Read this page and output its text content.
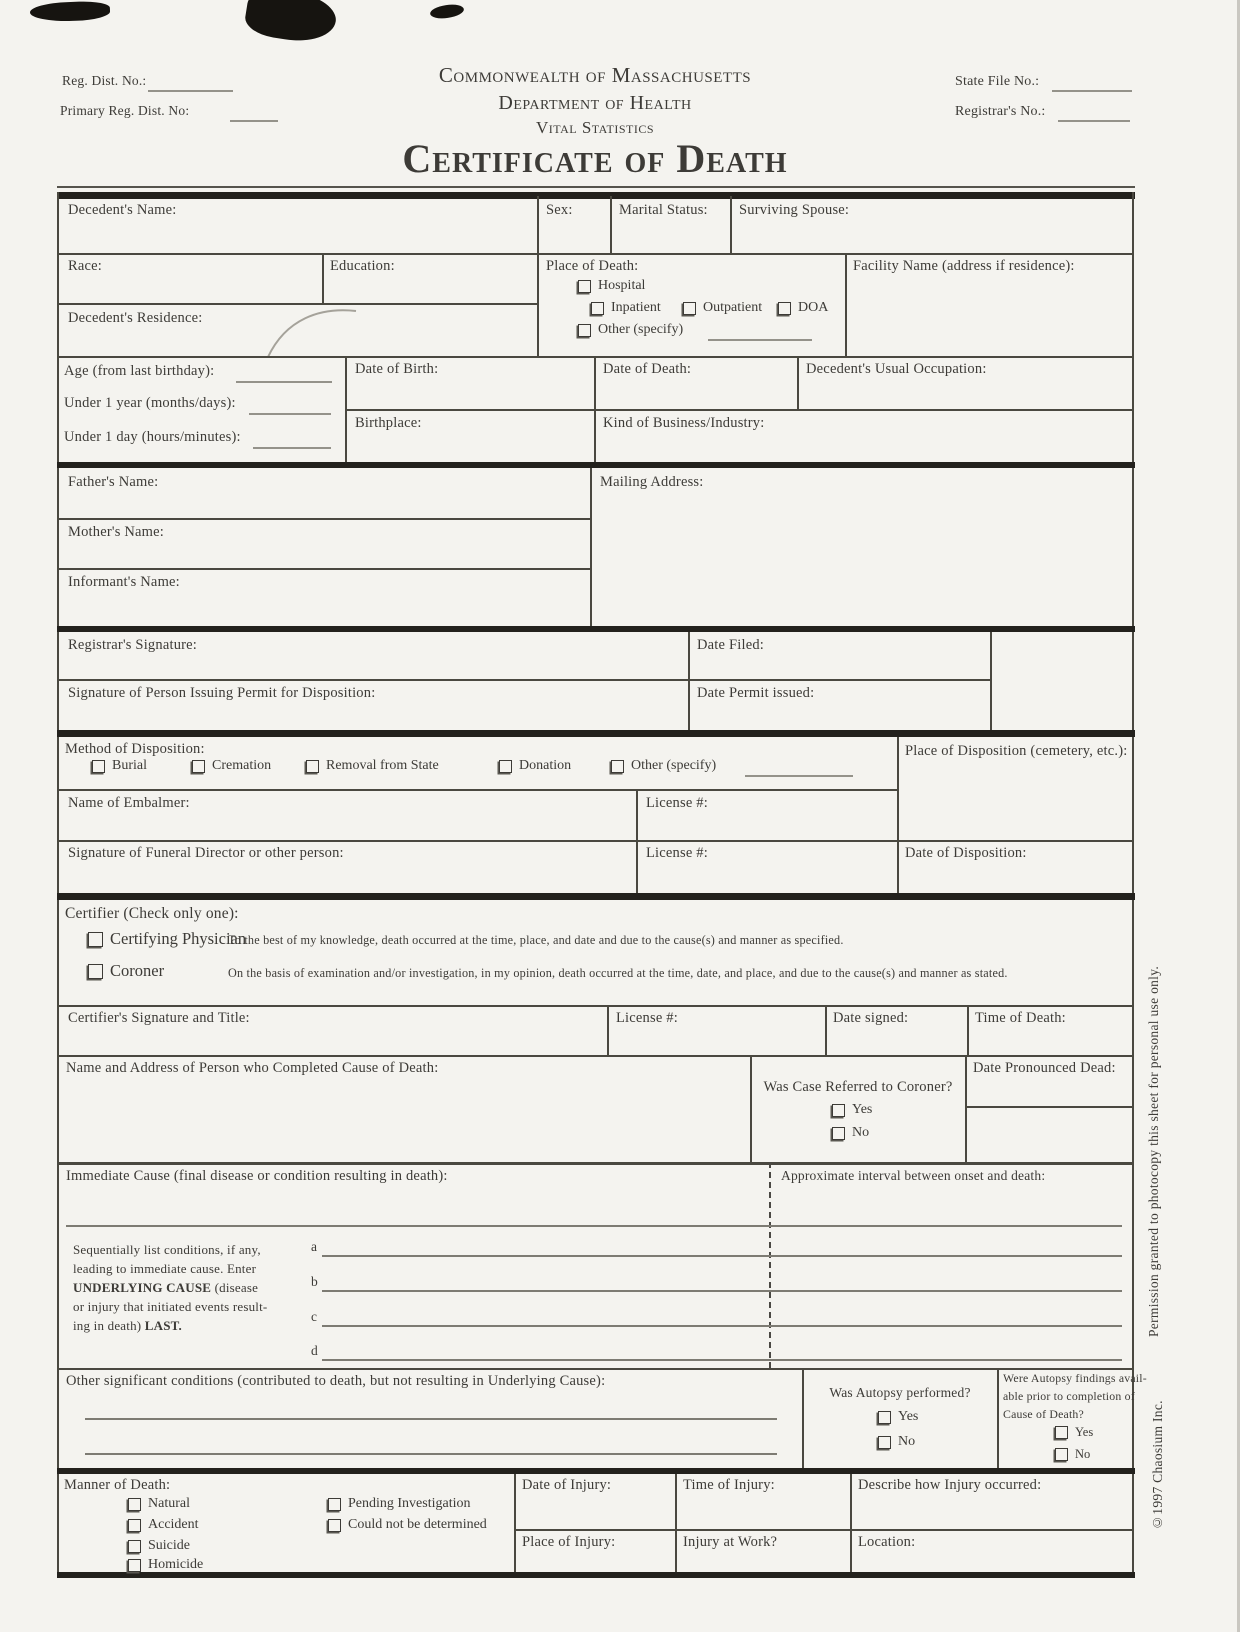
Reg. Dist. No.:
Primary Reg. Dist. No:
Commonwealth of Massachusetts
Department of Health
Vital Statistics
Certificate of Death
State File No.:
Registrar's No.:
Decedent's Name:	Sex:	Marital Status: Surviving Spouse:
Race:	Education:
Decedent's Residence:
Place of Death:
Hospital
Inpatient	Outpatient	DOA
Other (specify)
Facility Name (address if residence):
Age (from last birthday):
Under 1 year (months/days):
Under 1 day (hours/minutes):
Date of Birth:
Birthplace:
Date of Death:	Decedent's Usual Occupation:
Kind of Business/Industry:
Father's Name:
Mother's Name:
Informant's Name:
Mailing Address:
Registrar's Signature:	Date Filed:
Signature of Person Issuing Permit for Disposition:	Date Permit issued:
Method of Disposition:
Burial	Cremation	Removal from State	Donation	Other (specify)
Place of Disposition (cemetery, etc.):
Name of Embalmer:	License #:
Signature of Funeral Director or other person:	License #:	Date of Disposition:
Certifier (Check only one):
Certifying Physician
To the best of my knowledge, death occurred at the time, place, and date and due to the cause(s) and manner as specified.
Coroner	On the basis of examination and/or investigation, in my opinion, death occurred at the time, date, and place, and due to the cause(s) and manner as stated.
Certifier's Signature and Title:	License #:	Date signed:	Time of Death:
Name and Address of Person who Completed Cause of Death:
Was Case Referred to Coroner?
Yes
No
Date Pronounced Dead:
Immediate Cause (final disease or condition resulting in death):	Approximate interval between onset and death:
Sequentially list conditions, if any,
leading to immediate cause. Enter
UNDERLYING CAUSE (disease
or injury that initiated events result-
ing in death) LAST.
a
b
c
d
Other significant conditions (contributed to death, but not resulting in Underlying Cause):
Was Autopsy performed?
Yes
No
Were Autopsy findings avail-
able prior to completion of
Cause of Death?
Yes
No
Manner of Death:
Natural
Accident
Suicide
Homicide
Pending Investigation
Could not be determined
Date of Injury:	Time of Injury:	Describe how Injury occurred:
Place of Injury:	Injury at Work?	Location:
Permission granted to photocopy this sheet for personal use only.
©1997 Chaosium Inc.
